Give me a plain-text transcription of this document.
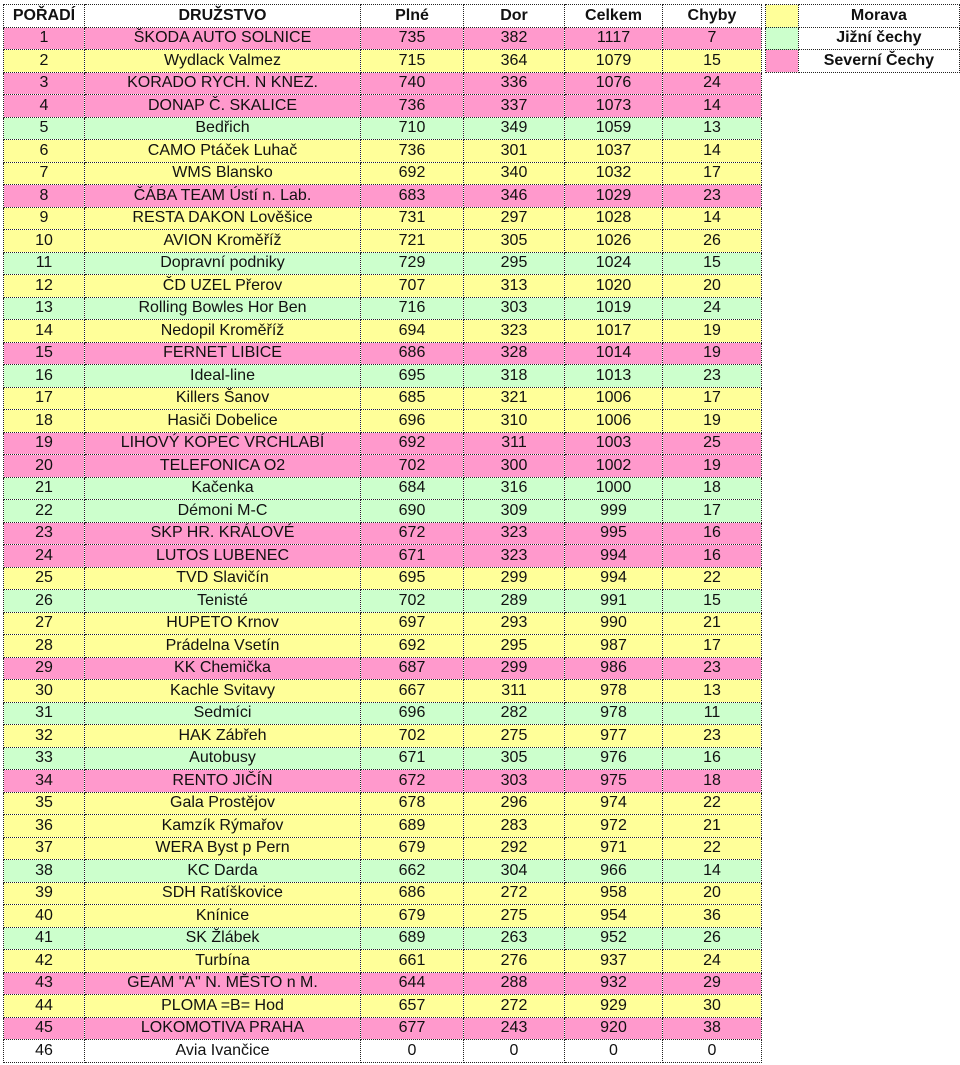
POŘADÍ	DRUŽSTVO	Plné	Dor	Celkem	Chyby
1	ŠKODA AUTO SOLNICE	735	382	1117	7
2	Wydlack Valmez	715	364	1079	15
3	KORADO RYCH. N KNEZ.	740	336	1076	24
4	DONAP Č. SKALICE	736	337	1073	14
5	Bedřich	710	349	1059	13
6	CAMO Ptáček Luhač	736	301	1037	14
7	WMS Blansko	692	340	1032	17
8	ČÁBA TEAM Ústí n. Lab.	683	346	1029	23
9	RESTA DAKON Lověšice	731	297	1028	14
10	AVION Kroměříž	721	305	1026	26
11	Dopravní podniky	729	295	1024	15
12	ČD UZEL Přerov	707	313	1020	20
13	Rolling Bowles Hor Ben	716	303	1019	24
14	Nedopil Kroměříž	694	323	1017	19
15	FERNET LIBICE	686	328	1014	19
16	Ideal-line	695	318	1013	23
17	Killers Šanov	685	321	1006	17
18	Hasiči Dobelice	696	310	1006	19
19	LIHOVÝ KOPEC VRCHLABÍ	692	311	1003	25
20	TELEFONICA O2	702	300	1002	19
21	Kačenka	684	316	1000	18
22	Démoni M-C	690	309	999	17
23	SKP HR. KRÁLOVÉ	672	323	995	16
24	LUTOS LUBENEC	671	323	994	16
25	TVD Slavičín	695	299	994	22
26	Tenisté	702	289	991	15
27	HUPETO Krnov	697	293	990	21
28	Prádelna Vsetín	692	295	987	17
29	KK Chemička	687	299	986	23
30	Kachle Svitavy	667	311	978	13
31	Sedmíci	696	282	978	11
32	HAK Zábřeh	702	275	977	23
33	Autobusy	671	305	976	16
34	RENTO JIČÍN	672	303	975	18
35	Gala Prostějov	678	296	974	22
36	Kamzík Rýmařov	689	283	972	21
37	WERA Byst p Pern	679	292	971	22
38	KC Darda	662	304	966	14
39	SDH Ratíškovice	686	272	958	20
40	Knínice	679	275	954	36
41	SK Žlábek	689	263	952	26
42	Turbína	661	276	937	24
43	GEAM "A" N. MĚSTO n M.	644	288	932	29
44	PLOMA =B= Hod	657	272	929	30
45	LOKOMOTIVA PRAHA	677	243	920	38
46	Avia Ivančice	0	0	0	0
	Morava
	Jižní čechy
	Severní Čechy
